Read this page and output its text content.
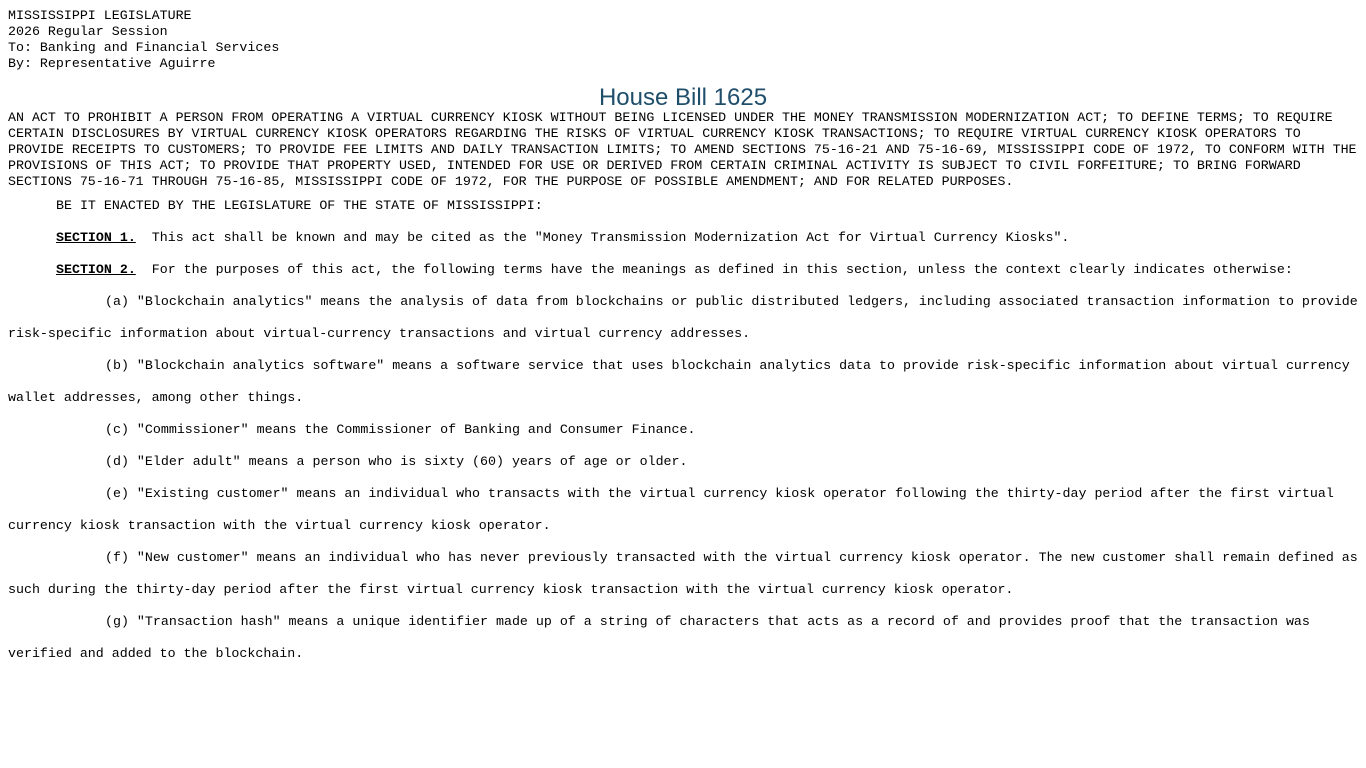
MISSISSIPPI LEGISLATURE
2026 Regular Session
To: Banking and Financial Services
By: Representative Aguirre
House Bill 1625

AN ACT TO PROHIBIT A PERSON FROM OPERATING A VIRTUAL CURRENCY KIOSK WITHOUT BEING LICENSED UNDER THE MONEY TRANSMISSION MODERNIZATION ACT; TO DEFINE TERMS; TO REQUIRE CERTAIN DISCLOSURES BY VIRTUAL CURRENCY KIOSK OPERATORS REGARDING THE RISKS OF VIRTUAL CURRENCY KIOSK TRANSACTIONS; TO REQUIRE VIRTUAL CURRENCY KIOSK OPERATORS TO PROVIDE RECEIPTS TO CUSTOMERS; TO PROVIDE FEE LIMITS AND DAILY TRANSACTION LIMITS; TO AMEND SECTIONS 75-16-21 AND 75-16-69, MISSISSIPPI CODE OF 1972, TO CONFORM WITH THE PROVISIONS OF THIS ACT; TO PROVIDE THAT PROPERTY USED, INTENDED FOR USE OR DERIVED FROM CERTAIN CRIMINAL ACTIVITY IS SUBJECT TO CIVIL FORFEITURE; TO BRING FORWARD SECTIONS 75-16-71 THROUGH 75-16-85, MISSISSIPPI CODE OF 1972, FOR THE PURPOSE OF POSSIBLE AMENDMENT; AND FOR RELATED PURPOSES.

BE IT ENACTED BY THE LEGISLATURE OF THE STATE OF MISSISSIPPI:

SECTION 1. This act shall be known and may be cited as the "Money Transmission Modernization Act for Virtual Currency Kiosks".

SECTION 2. For the purposes of this act, the following terms have the meanings as defined in this section, unless the context clearly indicates otherwise:

(a) "Blockchain analytics" means the analysis of data from blockchains or public distributed ledgers, including associated transaction information to provide risk-specific information about virtual-currency transactions and virtual currency addresses.

(b) "Blockchain analytics software" means a software service that uses blockchain analytics data to provide risk-specific information about virtual currency wallet addresses, among other things.

(c) "Commissioner" means the Commissioner of Banking and Consumer Finance.

(d) "Elder adult" means a person who is sixty (60) years of age or older.

(e) "Existing customer" means an individual who transacts with the virtual currency kiosk operator following the thirty-day period after the first virtual currency kiosk transaction with the virtual currency kiosk operator.

(f) "New customer" means an individual who has never previously transacted with the virtual currency kiosk operator. The new customer shall remain defined as such during the thirty-day period after the first virtual currency kiosk transaction with the virtual currency kiosk operator.

(g) "Transaction hash" means a unique identifier made up of a string of characters that acts as a record of and provides proof that the transaction was verified and added to the blockchain.
